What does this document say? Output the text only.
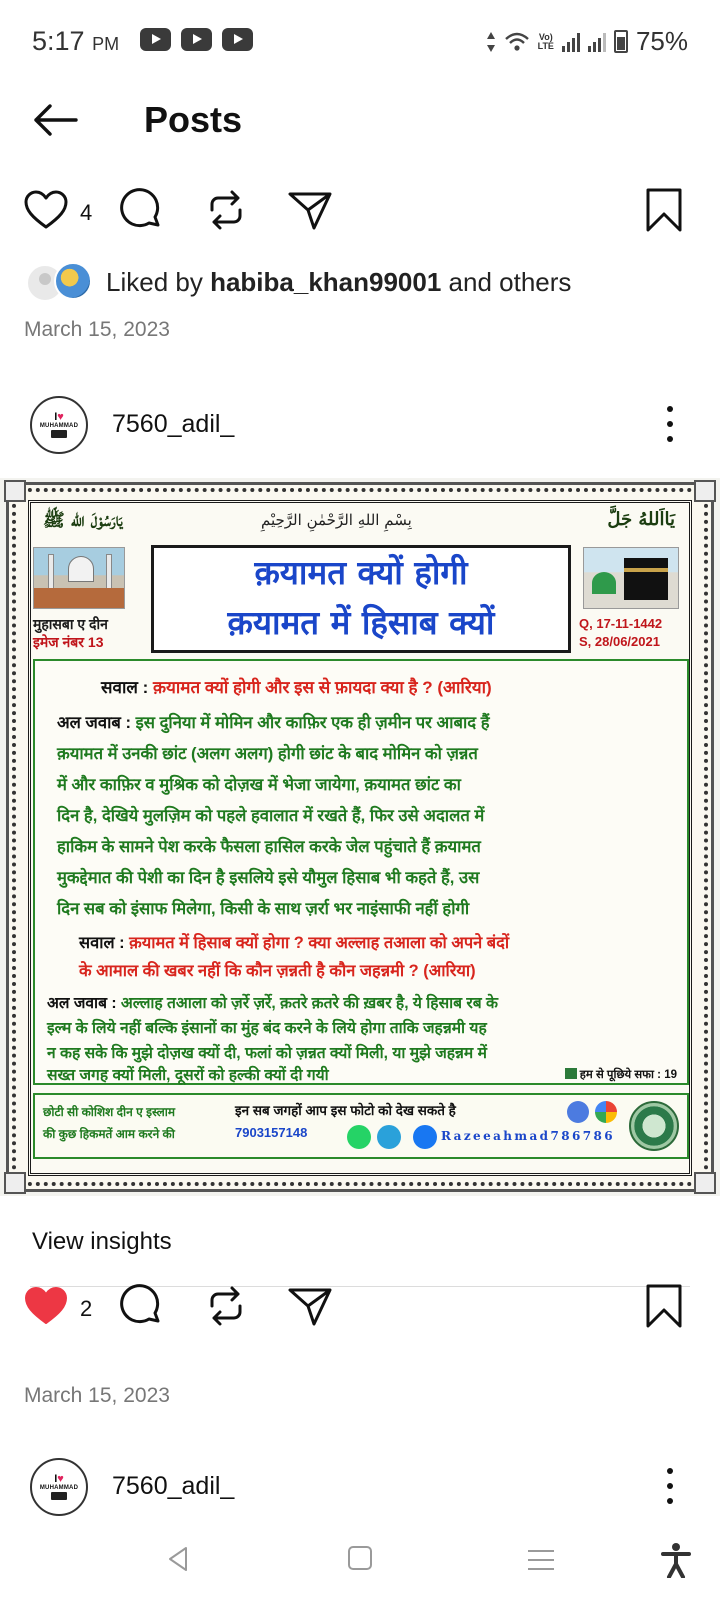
5:17 PM	Vo)
LTE	75%
Posts
4
Liked by habiba_khan99001 and others
March 15, 2023
I♥
MUHAMMAD 7560_adil_
يَارَسُوْلَ الله ﷺ	بِسْمِ اللهِ الرَّحْمٰنِ الرَّحِيْمِ	يَااَللهُ جَلَّ
मुहासबा ए दीन
इमेज नंबर 13
क़यामत क्यों होगी
क़यामत में हिसाब क्यों	Q, 17-11-1442
S, 28/06/2021
सवाल : क़यामत क्यों होगी और इस से फ़ायदा क्या है ? (आरिया)
अल जवाब : इस दुनिया में मोमिन और काफ़िर एक ही ज़मीन पर आबाद हैं
क़यामत में उनकी छांट (अलग अलग) होगी छांट के बाद मोमिन को ज़न्नत
में और काफ़िर व मुश्रिक को दोज़ख में भेजा जायेगा, क़यामत छांट का
दिन है, देखिये मुलज़िम को पहले हवालात में रखते हैं, फिर उसे अदालत में
हाकिम के सामने पेश करके फैसला हासिल करके जेल पहुंचाते हैं क़यामत
मुकद्देमात की पेशी का दिन है इसलिये इसे यौमुल हिसाब भी कहते हैं, उस
दिन सब को इंसाफ मिलेगा, किसी के साथ ज़र्रा भर नाइंसाफी नहीं होगी
सवाल : क़यामत में हिसाब क्यों होगा ? क्या अल्लाह तआला को अपने बंदों
के आमाल की खबर नहीं कि कौन ज़न्नती है कौन जहन्नमी ? (आरिया)
अल जवाब : अल्लाह तआला को ज़र्रे ज़र्रे, क़तरे क़तरे की ख़बर है, ये हिसाब रब के
इल्म के लिये नहीं बल्कि इंसानों का मुंह बंद करने के लिये होगा ताकि जहन्नमी यह
न कह सके कि मुझे दोज़ख क्यों दी, फलां को ज़न्नत क्यों मिली, या मुझे जहन्नम में
सख्त जगह क्यों मिली, दूसरों को हल्की क्यों दी गयी	हम से पूछिये सफा : 19
छोटी सी कोशिश दीन ए इस्लाम
की कुछ हिकमतें आम करने की
इन सब जगहों आप इस फोटो को देख सकते है
7903157148	Razeeahmad786786
View insights
2
March 15, 2023
I♥
MUHAMMAD 7560_adil_
